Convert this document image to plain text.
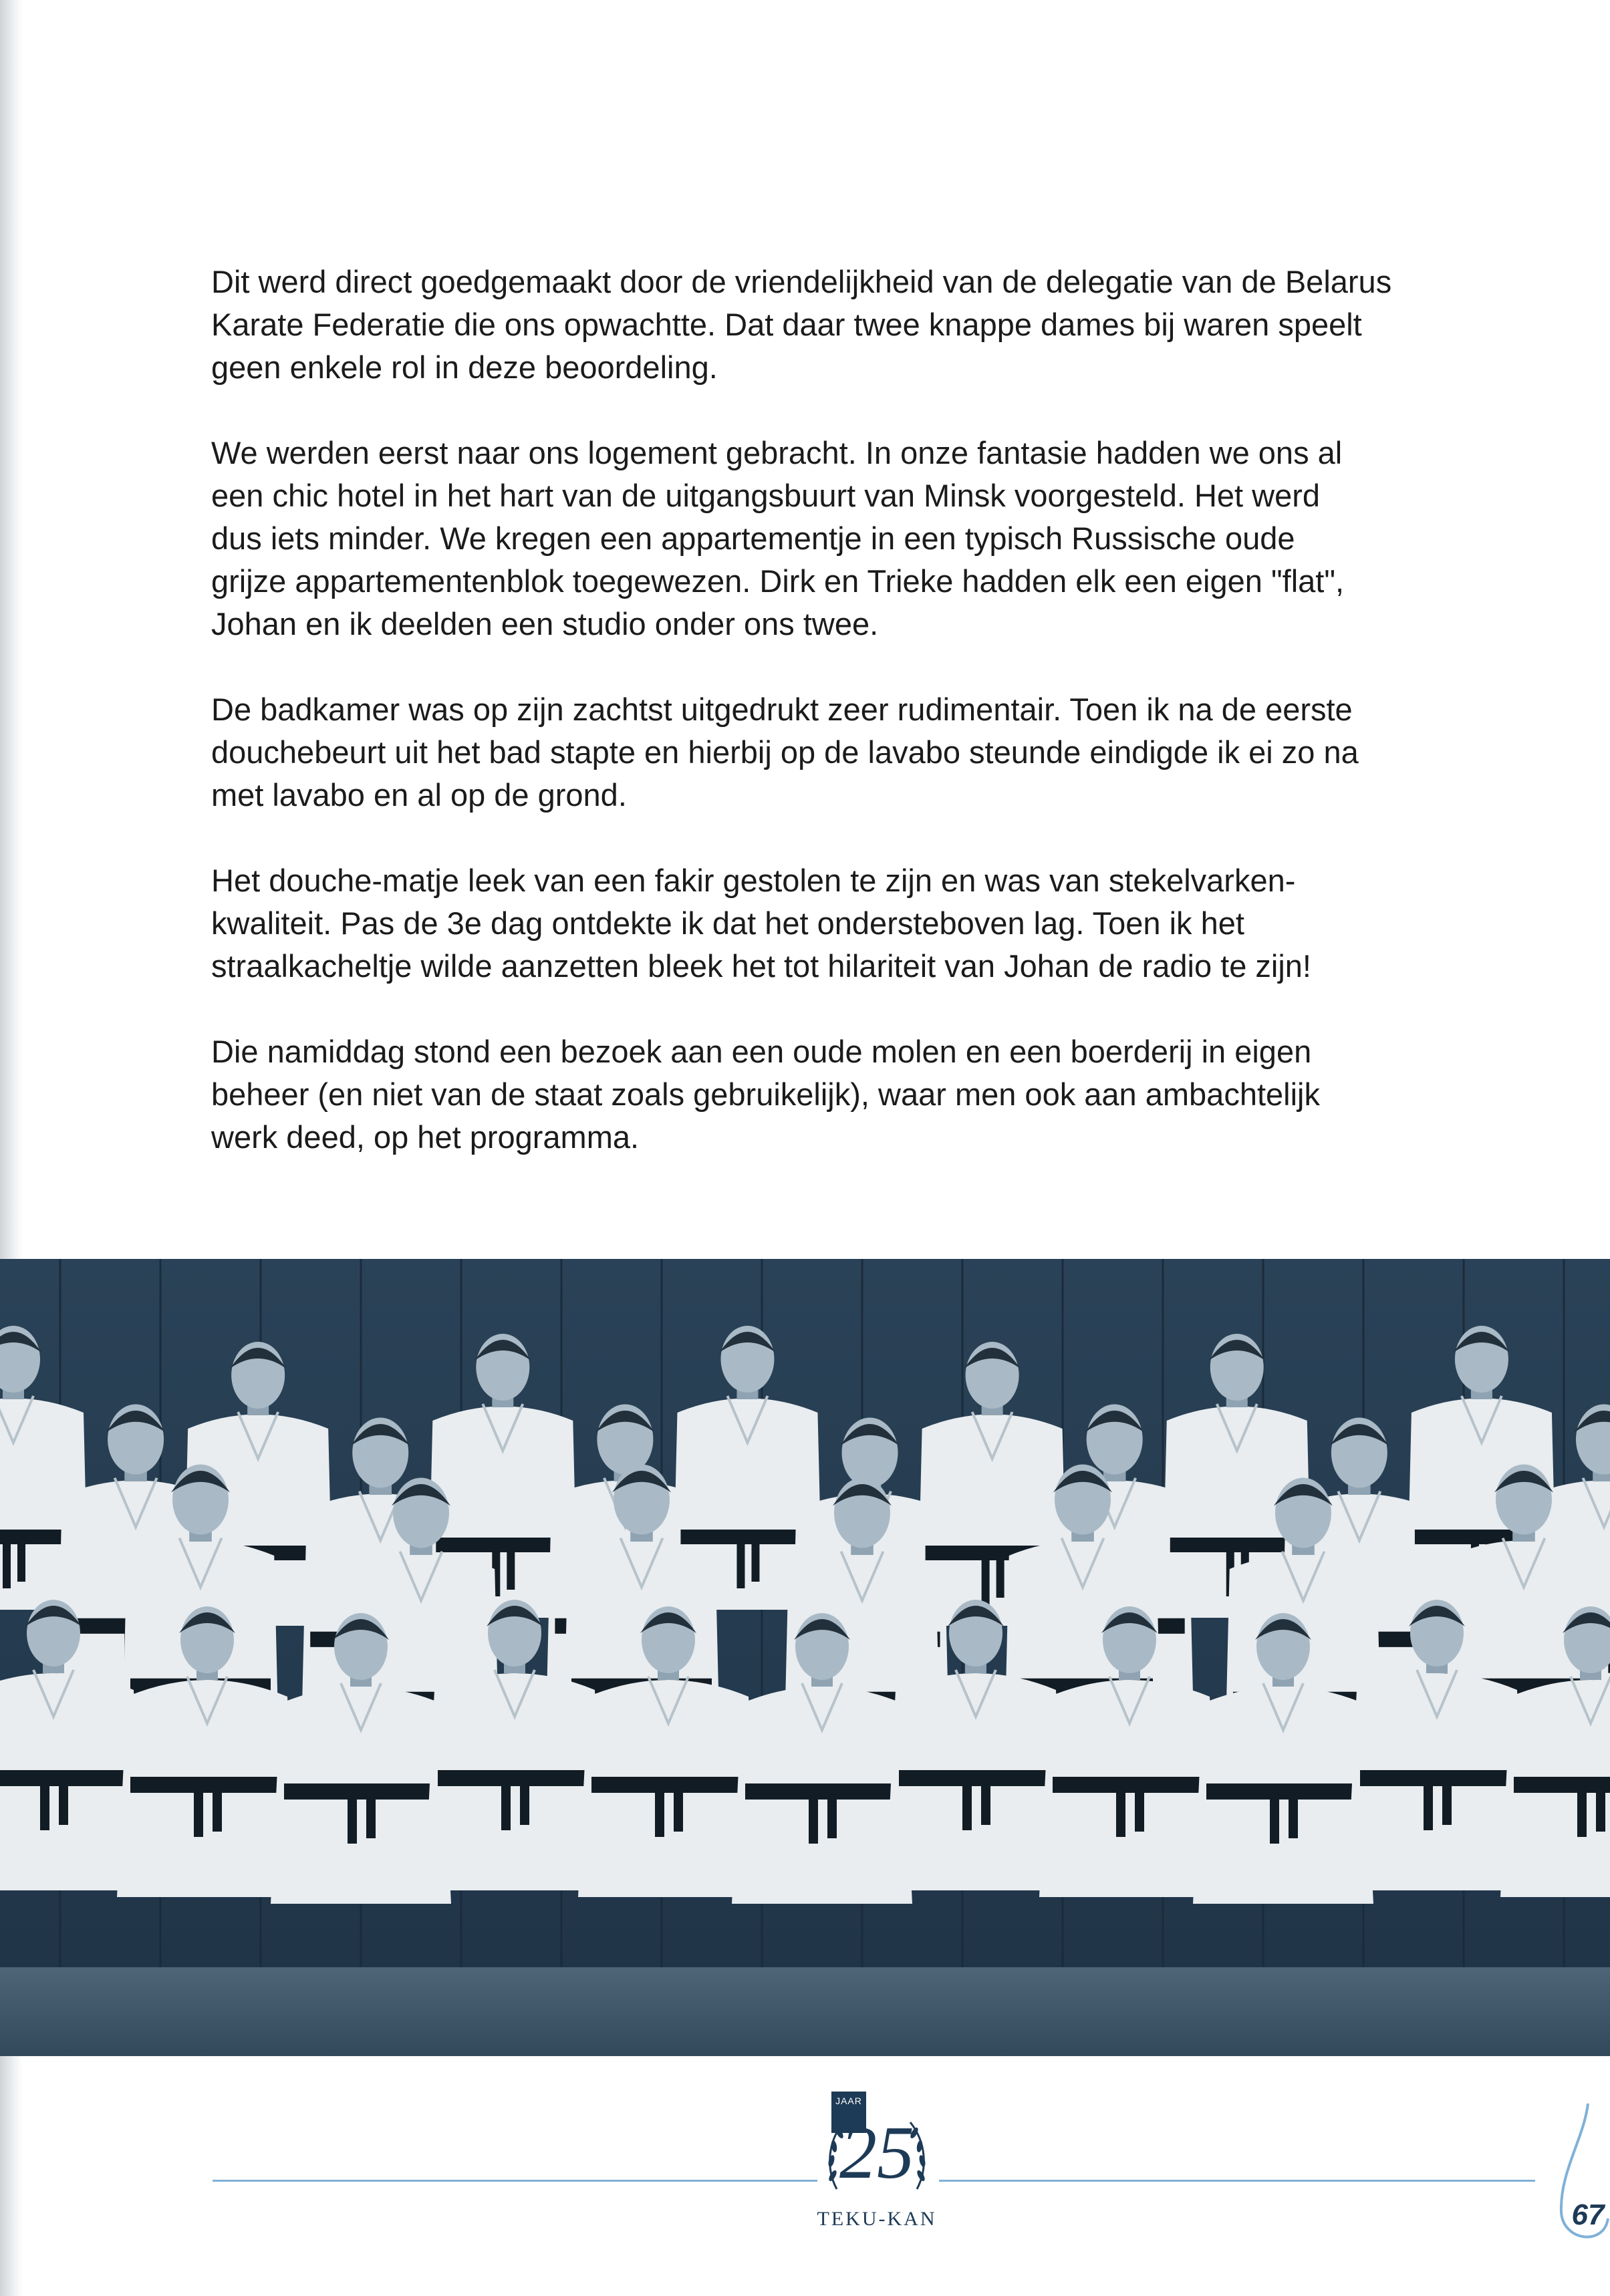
Dit werd direct goedgemaakt door de vriendelijkheid van de delegatie van de Belarus
Karate Federatie die ons opwachtte. Dat daar twee knappe dames bij waren speelt
geen enkele rol in deze beoordeling.

We werden eerst naar ons logement gebracht. In onze fantasie hadden we ons al
een chic hotel in het hart van de uitgangsbuurt van Minsk voorgesteld. Het werd
dus iets minder. We kregen een appartementje in een typisch Russische oude
grijze appartementenblok toegewezen. Dirk en Trieke hadden elk een eigen "flat",
Johan en ik deelden een studio onder ons twee.

De badkamer was op zijn zachtst uitgedrukt zeer rudimentair. Toen ik na de eerste
douchebeurt uit het bad stapte en hierbij op de lavabo steunde eindigde ik ei zo na
met lavabo en al op de grond.

Het douche-matje leek van een fakir gestolen te zijn en was van stekelvarken-
kwaliteit. Pas de 3e dag ontdekte ik dat het ondersteboven lag. Toen ik het
straalkacheltje wilde aanzetten bleek het tot hilariteit van Johan de radio te zijn!

Die namiddag stond een bezoek aan een oude molen en een boerderij in eigen
beheer (en niet van de staat zoals gebruikelijk), waar men ook aan ambachtelijk
werk deed, op het programma.

JAAR
25
TEKU-KAN	67
